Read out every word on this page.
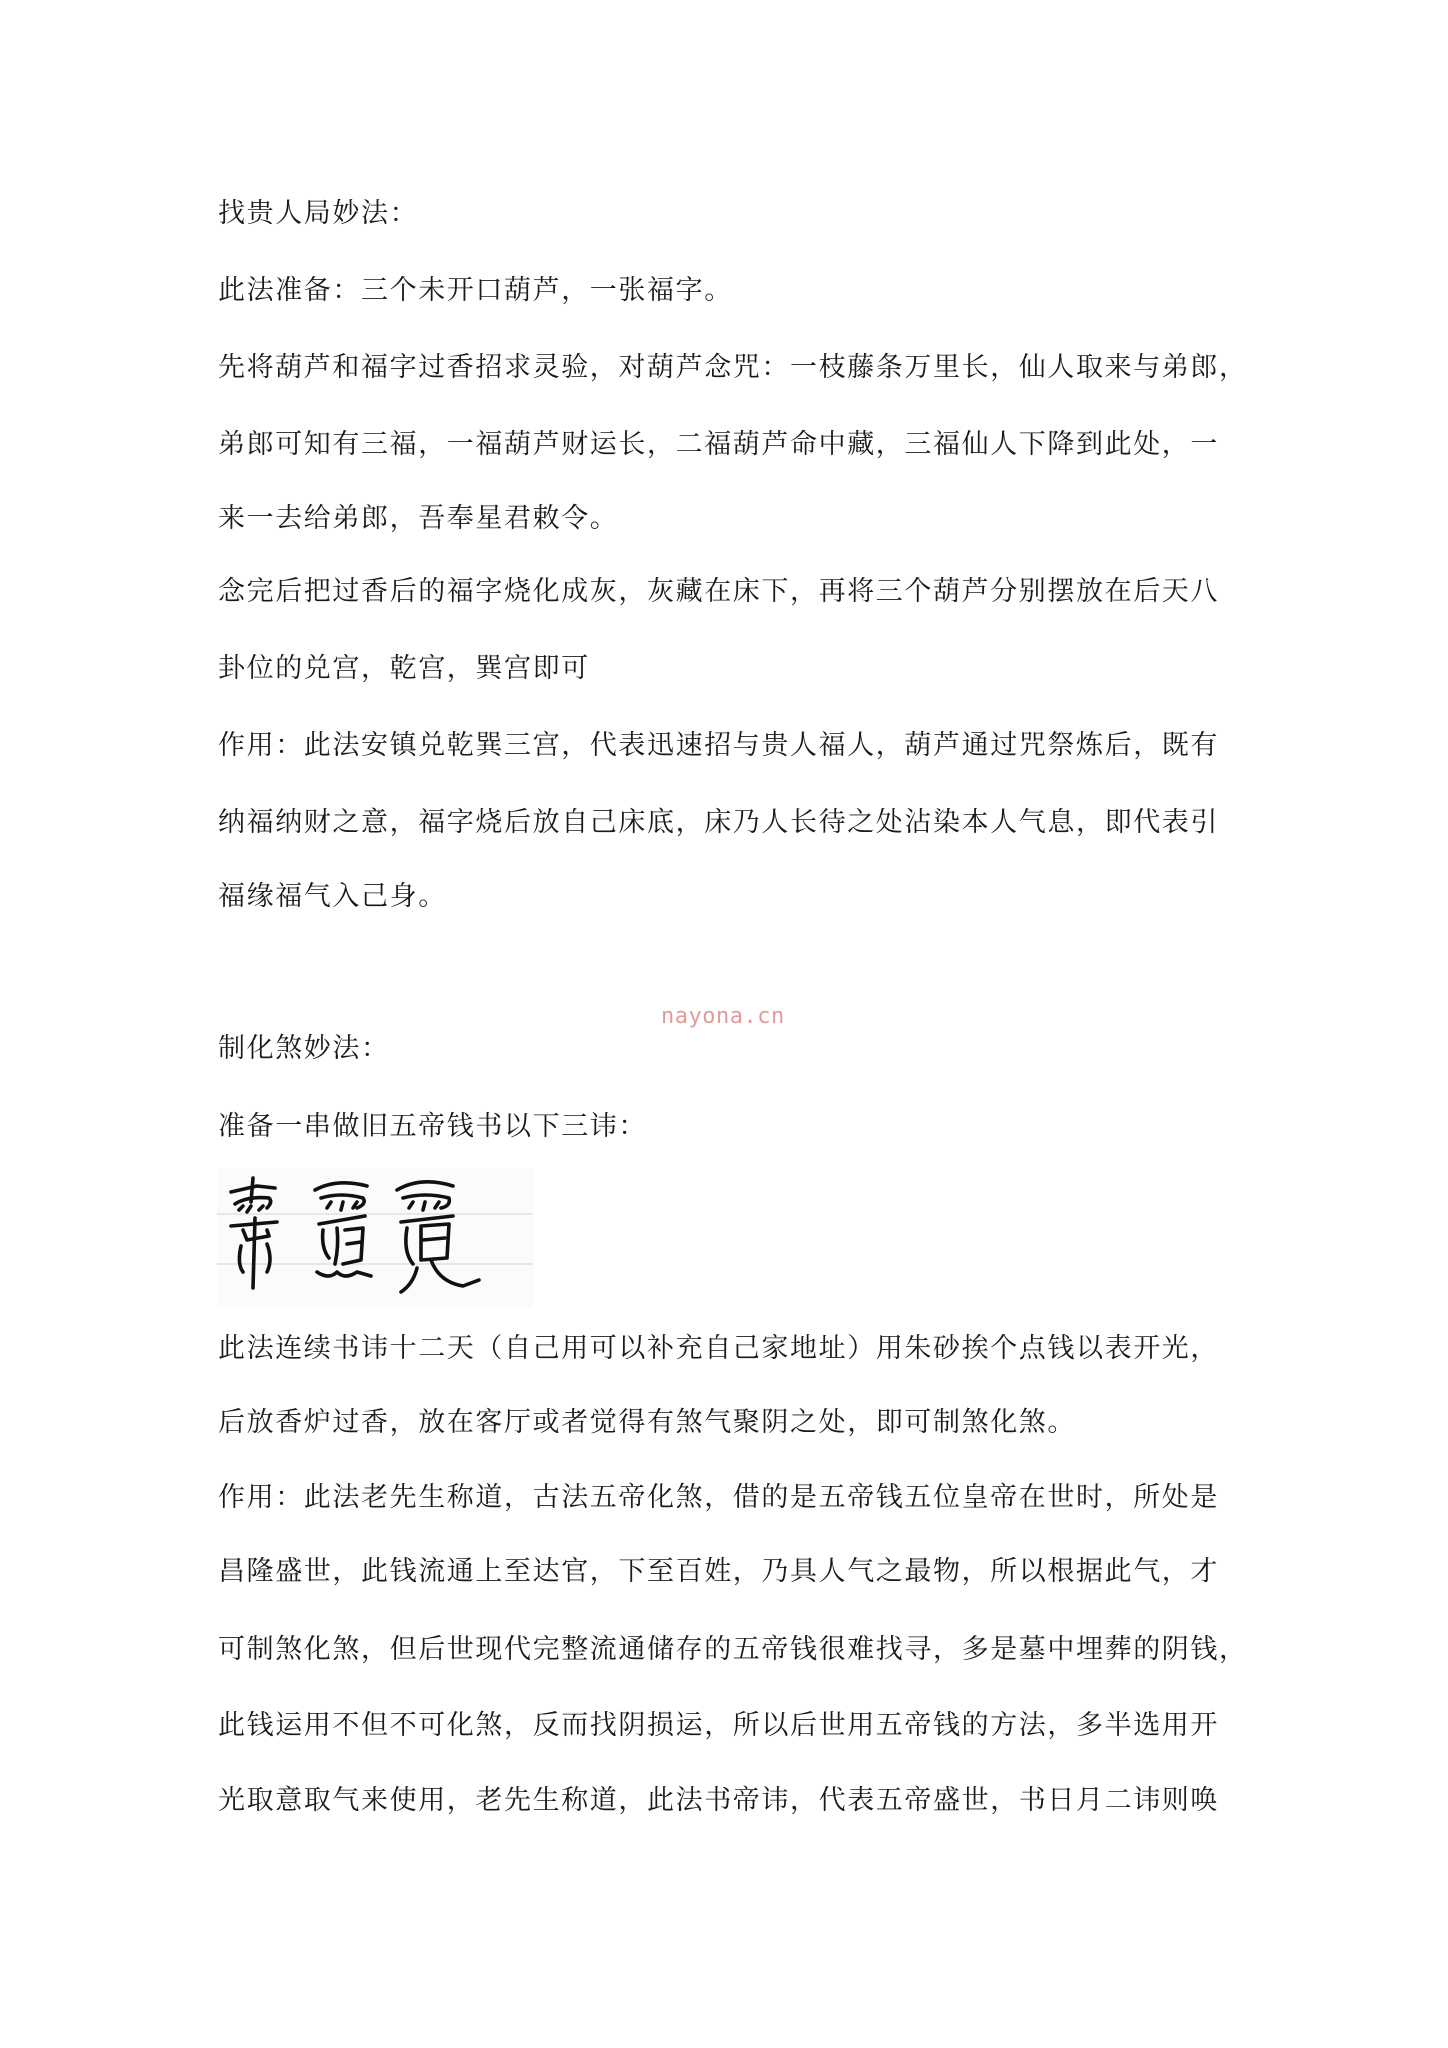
找贵人局妙法：
此法准备：三个未开口葫芦，一张福字。
先将葫芦和福字过香招求灵验，对葫芦念咒：一枝藤条万里长，仙人取来与弟郎，
弟郎可知有三福，一福葫芦财运长，二福葫芦命中藏，三福仙人下降到此处，一
来一去给弟郎，吾奉星君敕令。
念完后把过香后的福字烧化成灰，灰藏在床下，再将三个葫芦分别摆放在后天八
卦位的兑宫，乾宫，巽宫即可
作用：此法安镇兑乾巽三宫，代表迅速招与贵人福人，葫芦通过咒祭炼后，既有
纳福纳财之意，福字烧后放自己床底，床乃人长待之处沾染本人气息，即代表引
福缘福气入己身。
nayona.cn
制化煞妙法：
准备一串做旧五帝钱书以下三讳：
此法连续书讳十二天（自己用可以补充自己家地址）用朱砂挨个点钱以表开光，
后放香炉过香，放在客厅或者觉得有煞气聚阴之处，即可制煞化煞。
作用：此法老先生称道，古法五帝化煞，借的是五帝钱五位皇帝在世时，所处是
昌隆盛世，此钱流通上至达官，下至百姓，乃具人气之最物，所以根据此气，才
可制煞化煞，但后世现代完整流通储存的五帝钱很难找寻，多是墓中埋葬的阴钱，
此钱运用不但不可化煞，反而找阴损运，所以后世用五帝钱的方法，多半选用开
光取意取气来使用，老先生称道，此法书帝讳，代表五帝盛世，书日月二讳则唤
